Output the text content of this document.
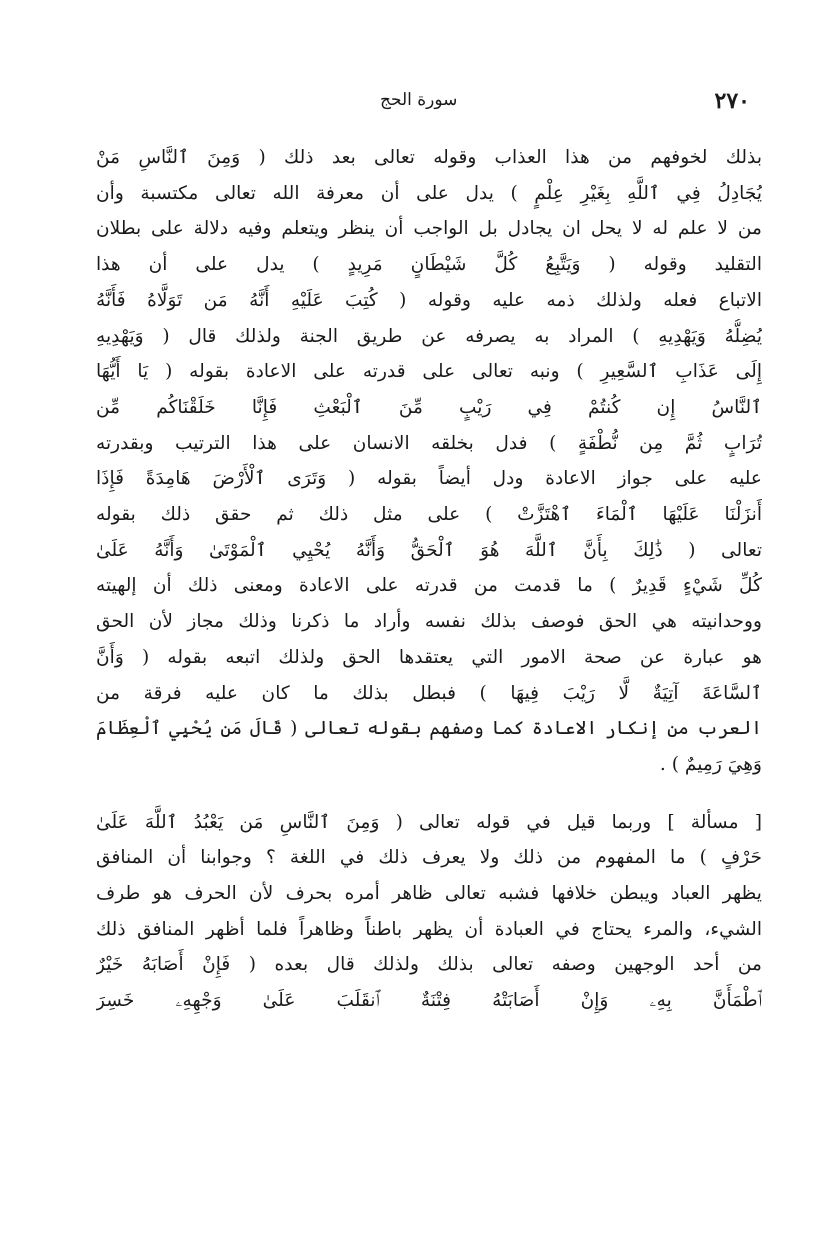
٢٧٠
سورة الحج

بذلك لخوفهم من هذا العذاب وقوله تعالى بعد ذلك ( وَمِنَ ٱلنَّاسِ مَنْ
يُجَادِلُ فِي ٱللَّهِ بِغَيْرِ عِلْمٍ ) يدل على أن معرفة الله تعالى مكتسبة وأن
من لا علم له لا يحل ان يجادل بل الواجب أن ينظر ويتعلم وفيه دلالة على بطلان
التقليد وقوله ( وَيَتَّبِعُ كُلَّ شَيْطَانٍ مَرِيدٍ ) يدل على أن هذا
الاتباع فعله ولذلك ذمه عليه وقوله ( كُتِبَ عَلَيْهِ أَنَّهُ مَن تَوَلَّاهُ فَأَنَّهُ
يُضِلُّهُ وَيَهْدِيهِ ) المراد به يصرفه عن طريق الجنة ولذلك قال ( وَيَهْدِيهِ
إِلَى عَذَابِ ٱلسَّعِيرِ ) ونبه تعالى على قدرته على الاعادة بقوله ( يَا أَيُّهَا
ٱلنَّاسُ إِن كُنتُمْ فِي رَيْبٍ مِّنَ ٱلْبَعْثِ فَإِنَّا خَلَقْنَاكُم مِّن
تُرَابٍ ثُمَّ مِن نُّطْفَةٍ ) فدل بخلقه الانسان على هذا الترتيب وبقدرته
عليه على جواز الاعادة ودل أيضاً بقوله ( وَتَرَى ٱلْأَرْضَ هَامِدَةً فَإِذَا
أَنزَلْنَا عَلَيْهَا ٱلْمَاءَ ٱهْتَزَّتْ ) على مثل ذلك ثم حقق ذلك بقوله
تعالى ( ذَٰلِكَ بِأَنَّ ٱللَّهَ هُوَ ٱلْحَقُّ وَأَنَّهُ يُحْيِي ٱلْمَوْتَىٰ وَأَنَّهُ عَلَىٰ
كُلِّ شَيْءٍ قَدِيرٌ ) ما قدمت من قدرته على الاعادة ومعنى ذلك أن إلهيته
ووحدانيته هي الحق فوصف بذلك نفسه وأراد ما ذكرنا وذلك مجاز لأن الحق
هو عبارة عن صحة الامور التي يعتقدها الحق ولذلك اتبعه بقوله ( وَأَنَّ
ٱلسَّاعَةَ آتِيَةٌ لَّا رَيْبَ فِيهَا ) فبطل بذلك ما كان عليه فرقة من
العرب من إنكار الاعادة كما وصفهم بقوله تعالى ( قَالَ مَن يُحْيِي ٱلْعِظَامَ
وَهِيَ رَمِيمٌ ) .

[ مسألة ] وربما قيل في قوله تعالى ( وَمِنَ ٱلنَّاسِ مَن يَعْبُدُ ٱللَّهَ عَلَىٰ
حَرْفٍ ) ما المفهوم من ذلك ولا يعرف ذلك في اللغة ؟ وجوابنا أن المنافق
يظهر العباد ويبطن خلافها فشبه تعالى ظاهر أمره بحرف لأن الحرف هو طرف
الشيء، والمرء يحتاج في العبادة أن يظهر باطناً وظاهراً فلما أظهر المنافق ذلك
من أحد الوجهين وصفه تعالى بذلك ولذلك قال بعده ( فَإِنْ أَصَابَهُ خَيْرٌ
ٱطْمَأَنَّ بِهِۦ وَإِنْ أَصَابَتْهُ فِتْنَةٌ ٱنقَلَبَ عَلَىٰ وَجْهِهِۦ خَسِرَ
